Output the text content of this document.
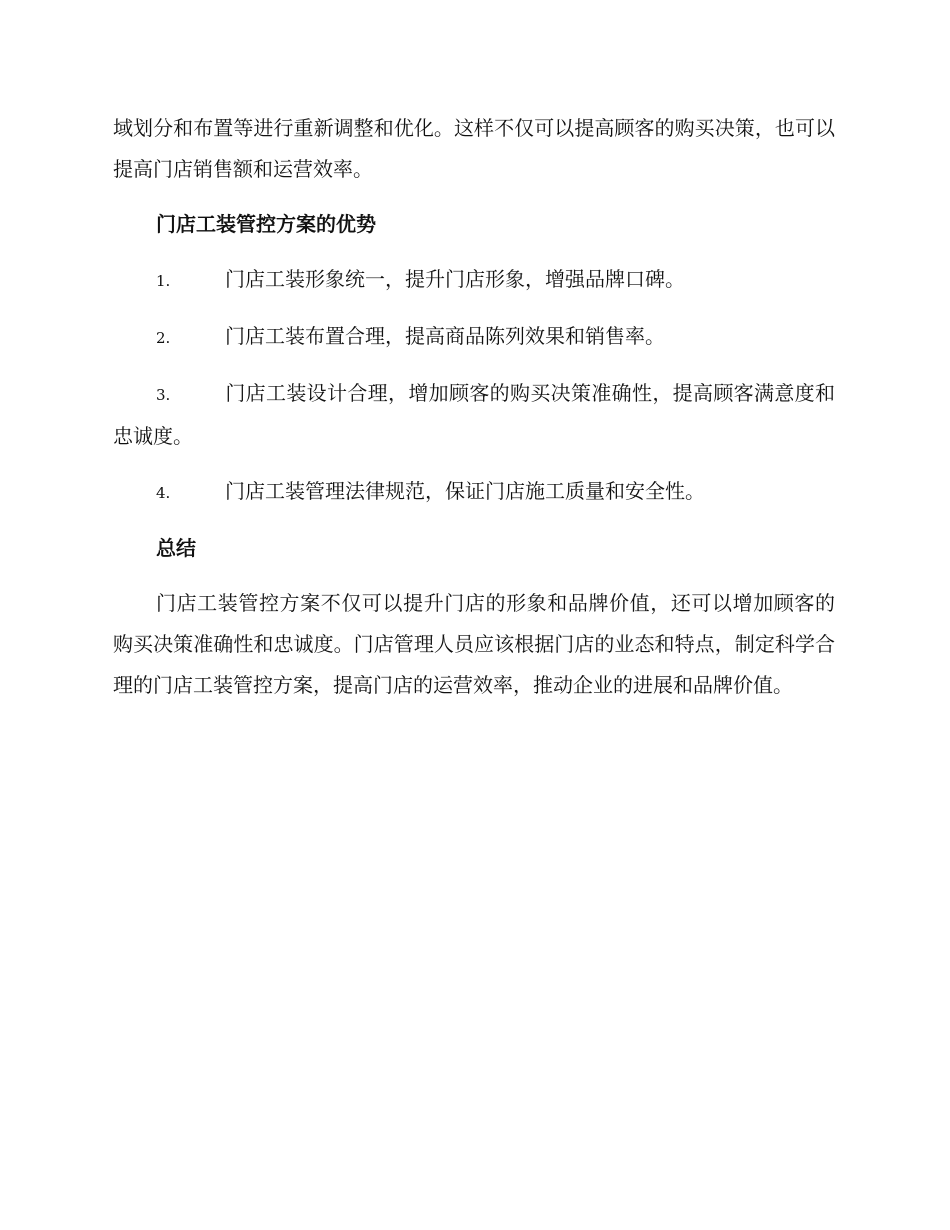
域划分和布置等进行重新调整和优化。这样不仅可以提高顾客的购买决策，也可以提高门店销售额和运营效率。

门店工装管控方案的优势
1.	门店工装形象统一，提升门店形象，增强品牌口碑。
2.	门店工装布置合理，提高商品陈列效果和销售率。
3.	门店工装设计合理，增加顾客的购买决策准确性，提高顾客满意度和忠诚度。
4.	门店工装管理法律规范，保证门店施工质量和安全性。
总结

门店工装管控方案不仅可以提升门店的形象和品牌价值，还可以增加顾客的购买决策准确性和忠诚度。门店管理人员应该根据门店的业态和特点，制定科学合理的门店工装管控方案，提高门店的运营效率，推动企业的进展和品牌价值。
